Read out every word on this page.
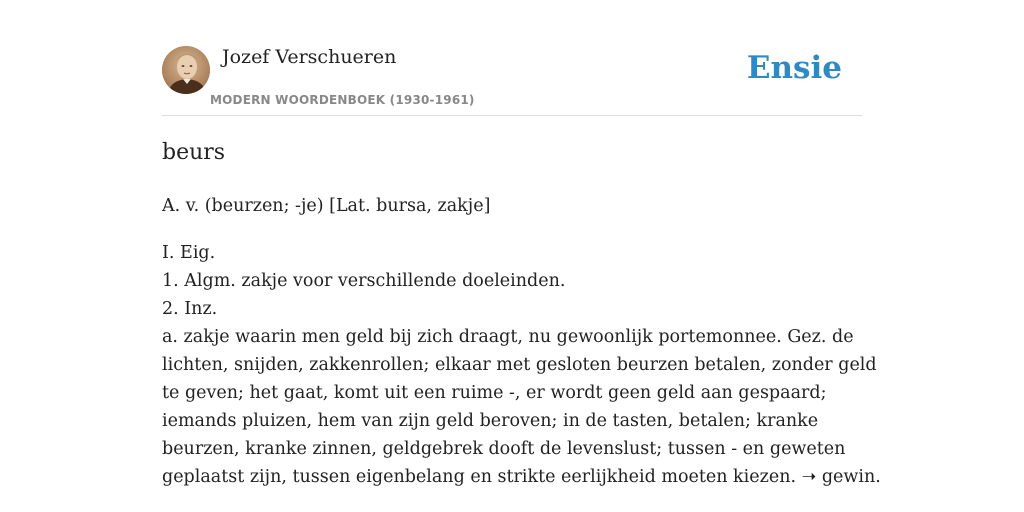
Jozef Verschueren
MODERN WOORDENBOEK (1930-1961)
Ensie
beurs
A. v. (beurzen; -je) [Lat. bursa, zakje]
I. Eig.
1. Algm. zakje voor verschillende doeleinden.
2. Inz.
a. zakje waarin men geld bij zich draagt, nu gewoonlijk portemonnee. Gez. de
lichten, snijden, zakkenrollen; elkaar met gesloten beurzen betalen, zonder geld
te geven; het gaat, komt uit een ruime -, er wordt geen geld aan gespaard;
iemands pluizen, hem van zijn geld beroven; in de tasten, betalen; kranke
beurzen, kranke zinnen, geldgebrek dooft de levenslust; tussen - en geweten
geplaatst zijn, tussen eigenbelang en strikte eerlijkheid moeten kiezen. ➝ gewin.
